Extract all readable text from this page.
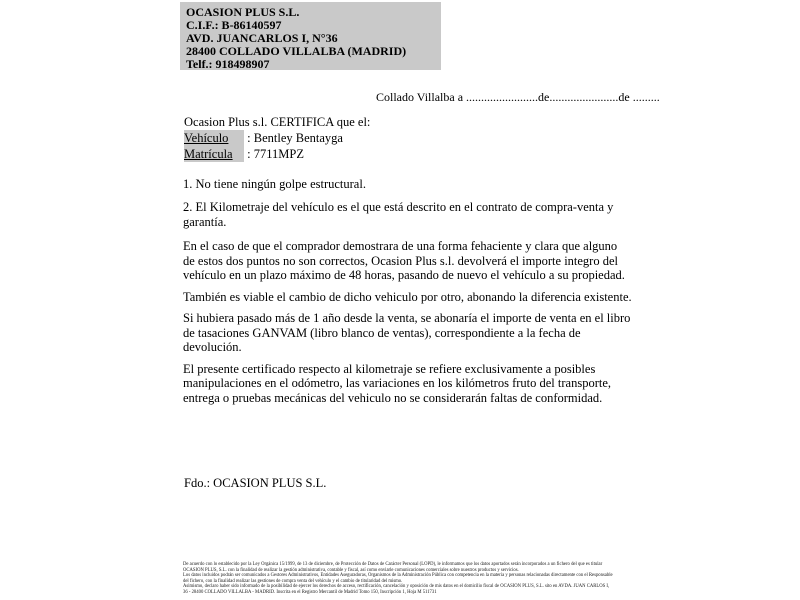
OCASION PLUS S.L.
C.I.F.: B-86140597
AVD. JUANCARLOS I, N°36
28400 COLLADO VILLALBA (MADRID)
Telf.: 918498907
Collado Villalba a ........................de.......................de .........
Ocasion Plus s.l. CERTIFICA que el:
Vehículo : Bentley Bentayga
Matrícula : 7711MPZ
1. No tiene ningún golpe estructural.
2. El Kilometraje del vehículo es el que está descrito en el contrato de compra-venta y garantía.
En el caso de que el comprador demostrara de una forma fehaciente y clara que alguno de estos dos puntos no son correctos, Ocasion Plus s.l. devolverá el importe integro del vehículo en un plazo máximo de 48 horas, pasando de nuevo el vehículo a su propiedad.
También es viable el cambio de dicho vehiculo por otro, abonando la diferencia existente.
Si hubiera pasado más de 1 año desde la venta, se abonaría el importe de venta en el libro de tasaciones GANVAM (libro blanco de ventas), correspondiente a la fecha de devolución.
El presente certificado respecto al kilometraje se refiere exclusivamente a posibles manipulaciones en el odómetro, las variaciones en los kilómetros fruto del transporte, entrega o pruebas mecánicas del vehiculo no se considerarán faltas de conformidad.
Fdo.: OCASION PLUS S.L.
De acuerdo con lo establecido por la Ley Orgánica 15/1999, de 13 de diciembre, de Protección de Datos de Carácter Personal (LOPD), le informamos que los datos aportados serán incorporados a un fichero del que es titular OCASION PLUS, S.L. con la finalidad de realizar la gestión administrativa, contable y fiscal, así como enviarle comunicaciones comerciales sobre nuestros productos y servicios.
Los datos incluidos podrán ser comunicados a Gestores Administrativos, Entidades Aseguradoras, Organismos de la Administración Pública con competencia en la materia y personas relacionadas directamente con el Responsable del fichero, con la finalidad realizar las gestiones de compra venta del vehículo y el cambio de titularidad del mismo.
Asimismo, declaro haber sido informado de la posibilidad de ejercer los derechos de acceso, rectificación, cancelación y oposición de mis datos en el domicilio fiscal de OCASION PLUS, S.L. sito en AVDA. JUAN CARLOS I, 36 - 28400 COLLADO VILLALBA - MADRID. Inscrita en el Registro Mercantil de Madrid Tomo 150, Inscripción 1, Hoja M 511731
